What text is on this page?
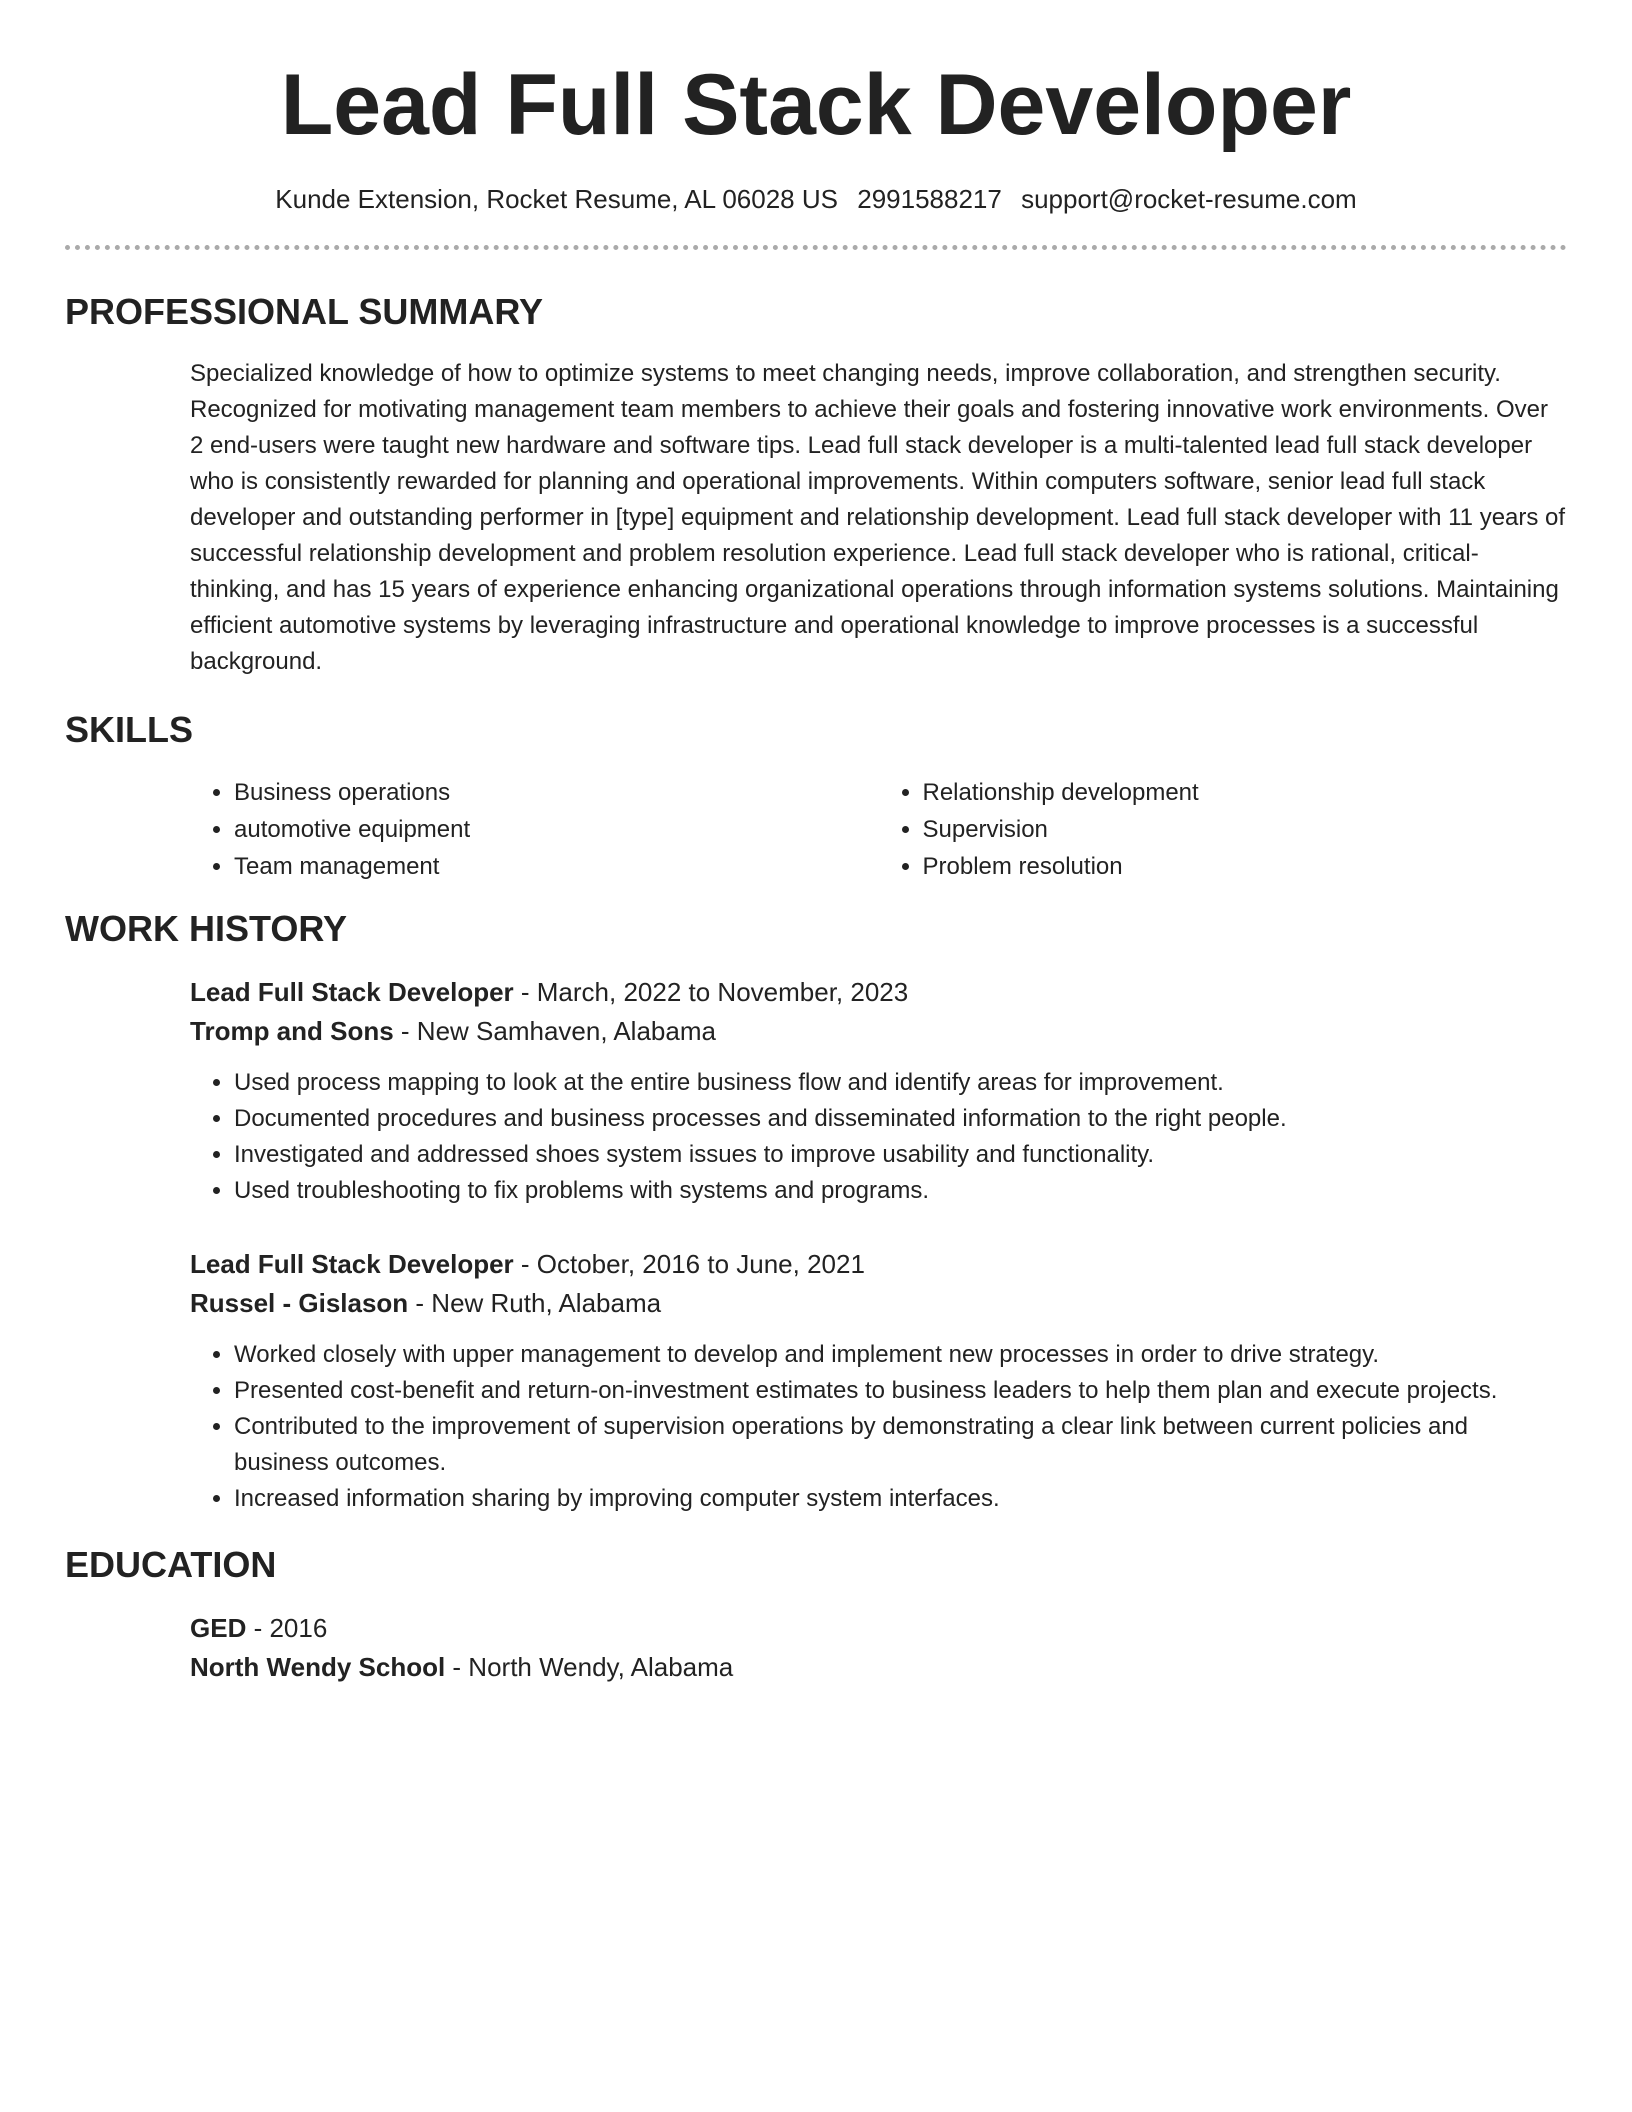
Lead Full Stack Developer
Kunde Extension, Rocket Resume, AL 06028 US 2991588217 support@rocket-resume.com
PROFESSIONAL SUMMARY
Specialized knowledge of how to optimize systems to meet changing needs, improve collaboration, and strengthen security. Recognized for motivating management team members to achieve their goals and fostering innovative work environments. Over 2 end-users were taught new hardware and software tips. Lead full stack developer is a multi-talented lead full stack developer who is consistently rewarded for planning and operational improvements. Within computers software, senior lead full stack developer and outstanding performer in [type] equipment and relationship development. Lead full stack developer with 11 years of successful relationship development and problem resolution experience. Lead full stack developer who is rational, critical-thinking, and has 15 years of experience enhancing organizational operations through information systems solutions. Maintaining efficient automotive systems by leveraging infrastructure and operational knowledge to improve processes is a successful background.
SKILLS
• Business operations
• automotive equipment
• Team management
• Relationship development
• Supervision
• Problem resolution
WORK HISTORY
Lead Full Stack Developer - March, 2022 to November, 2023
Tromp and Sons - New Samhaven, Alabama
• Used process mapping to look at the entire business flow and identify areas for improvement.
• Documented procedures and business processes and disseminated information to the right people.
• Investigated and addressed shoes system issues to improve usability and functionality.
• Used troubleshooting to fix problems with systems and programs.
Lead Full Stack Developer - October, 2016 to June, 2021
Russel - Gislason - New Ruth, Alabama
• Worked closely with upper management to develop and implement new processes in order to drive strategy.
• Presented cost-benefit and return-on-investment estimates to business leaders to help them plan and execute projects.
• Contributed to the improvement of supervision operations by demonstrating a clear link between current policies and business outcomes.
• Increased information sharing by improving computer system interfaces.
EDUCATION
GED - 2016
North Wendy School - North Wendy, Alabama
